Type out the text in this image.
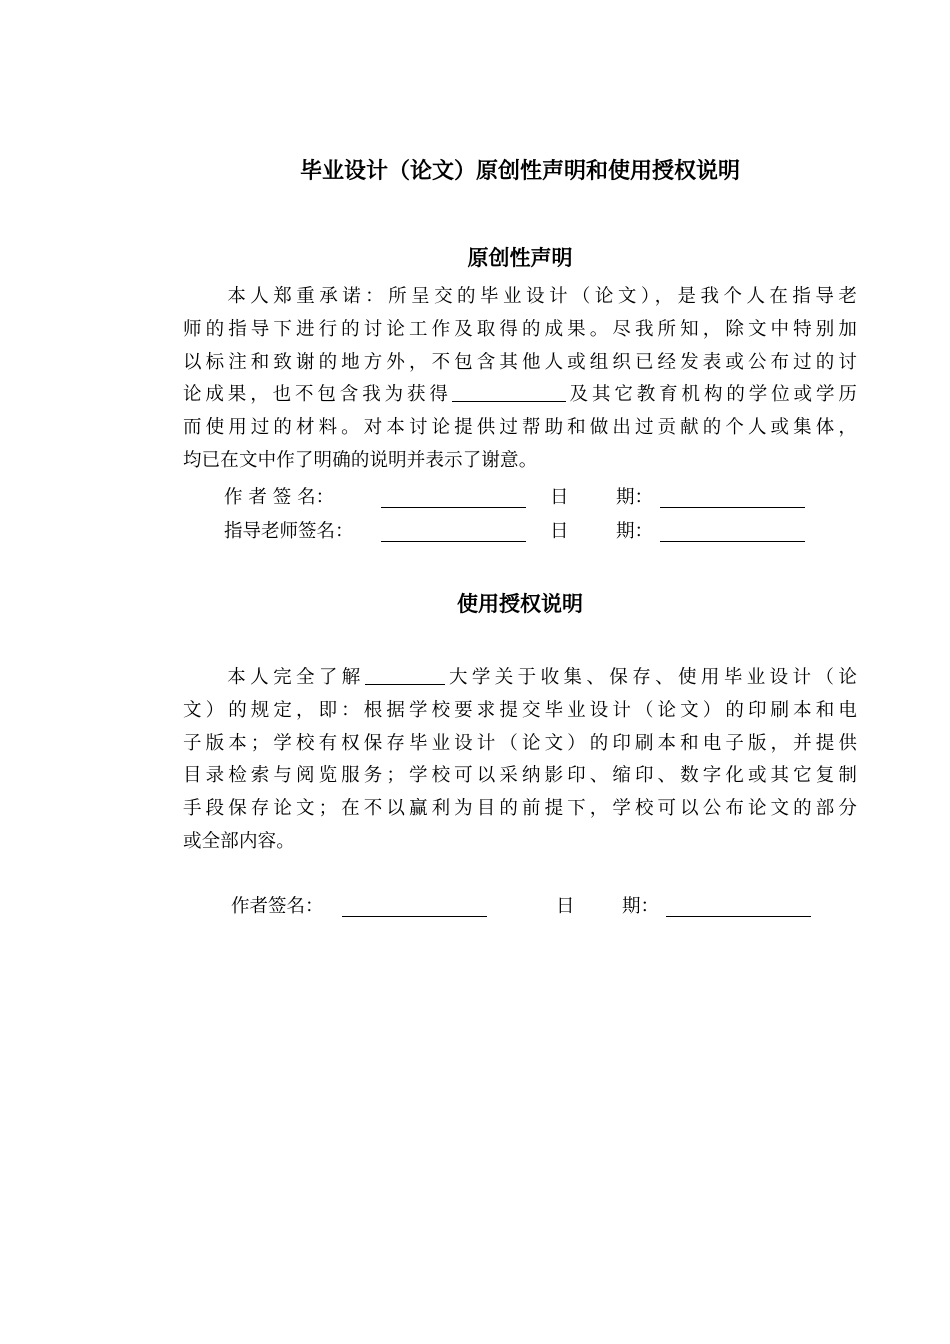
毕业设计（论文）原创性声明和使用授权说明
原创性声明
本人郑重承诺：所呈交的毕业设计（论文），是我个人在指导老
师的指导下进行的讨论工作及取得的成果。尽我所知，除文中特别加
以标注和致谢的地方外，不包含其他人或组织已经发表或公布过的讨
论成果，也不包含我为获得	及其它教育机构的学位或学历
而使用过的材料。对本讨论提供过帮助和做出过贡献的个人或集体，
均已在文中作了明确的说明并表示了谢意。
作 者 签 名：	日	期：
指导老师签名：	日	期：
使用授权说明
本人完全了解	大学关于收集、保存、使用毕业设计（论
文）的规定，即：根据学校要求提交毕业设计（论文）的印刷本和电
子版本；学校有权保存毕业设计（论文）的印刷本和电子版，并提供
目录检索与阅览服务；学校可以采纳影印、缩印、数字化或其它复制
手段保存论文；在不以赢利为目的前提下，学校可以公布论文的部分
或全部内容。
作者签名：	日	期：
